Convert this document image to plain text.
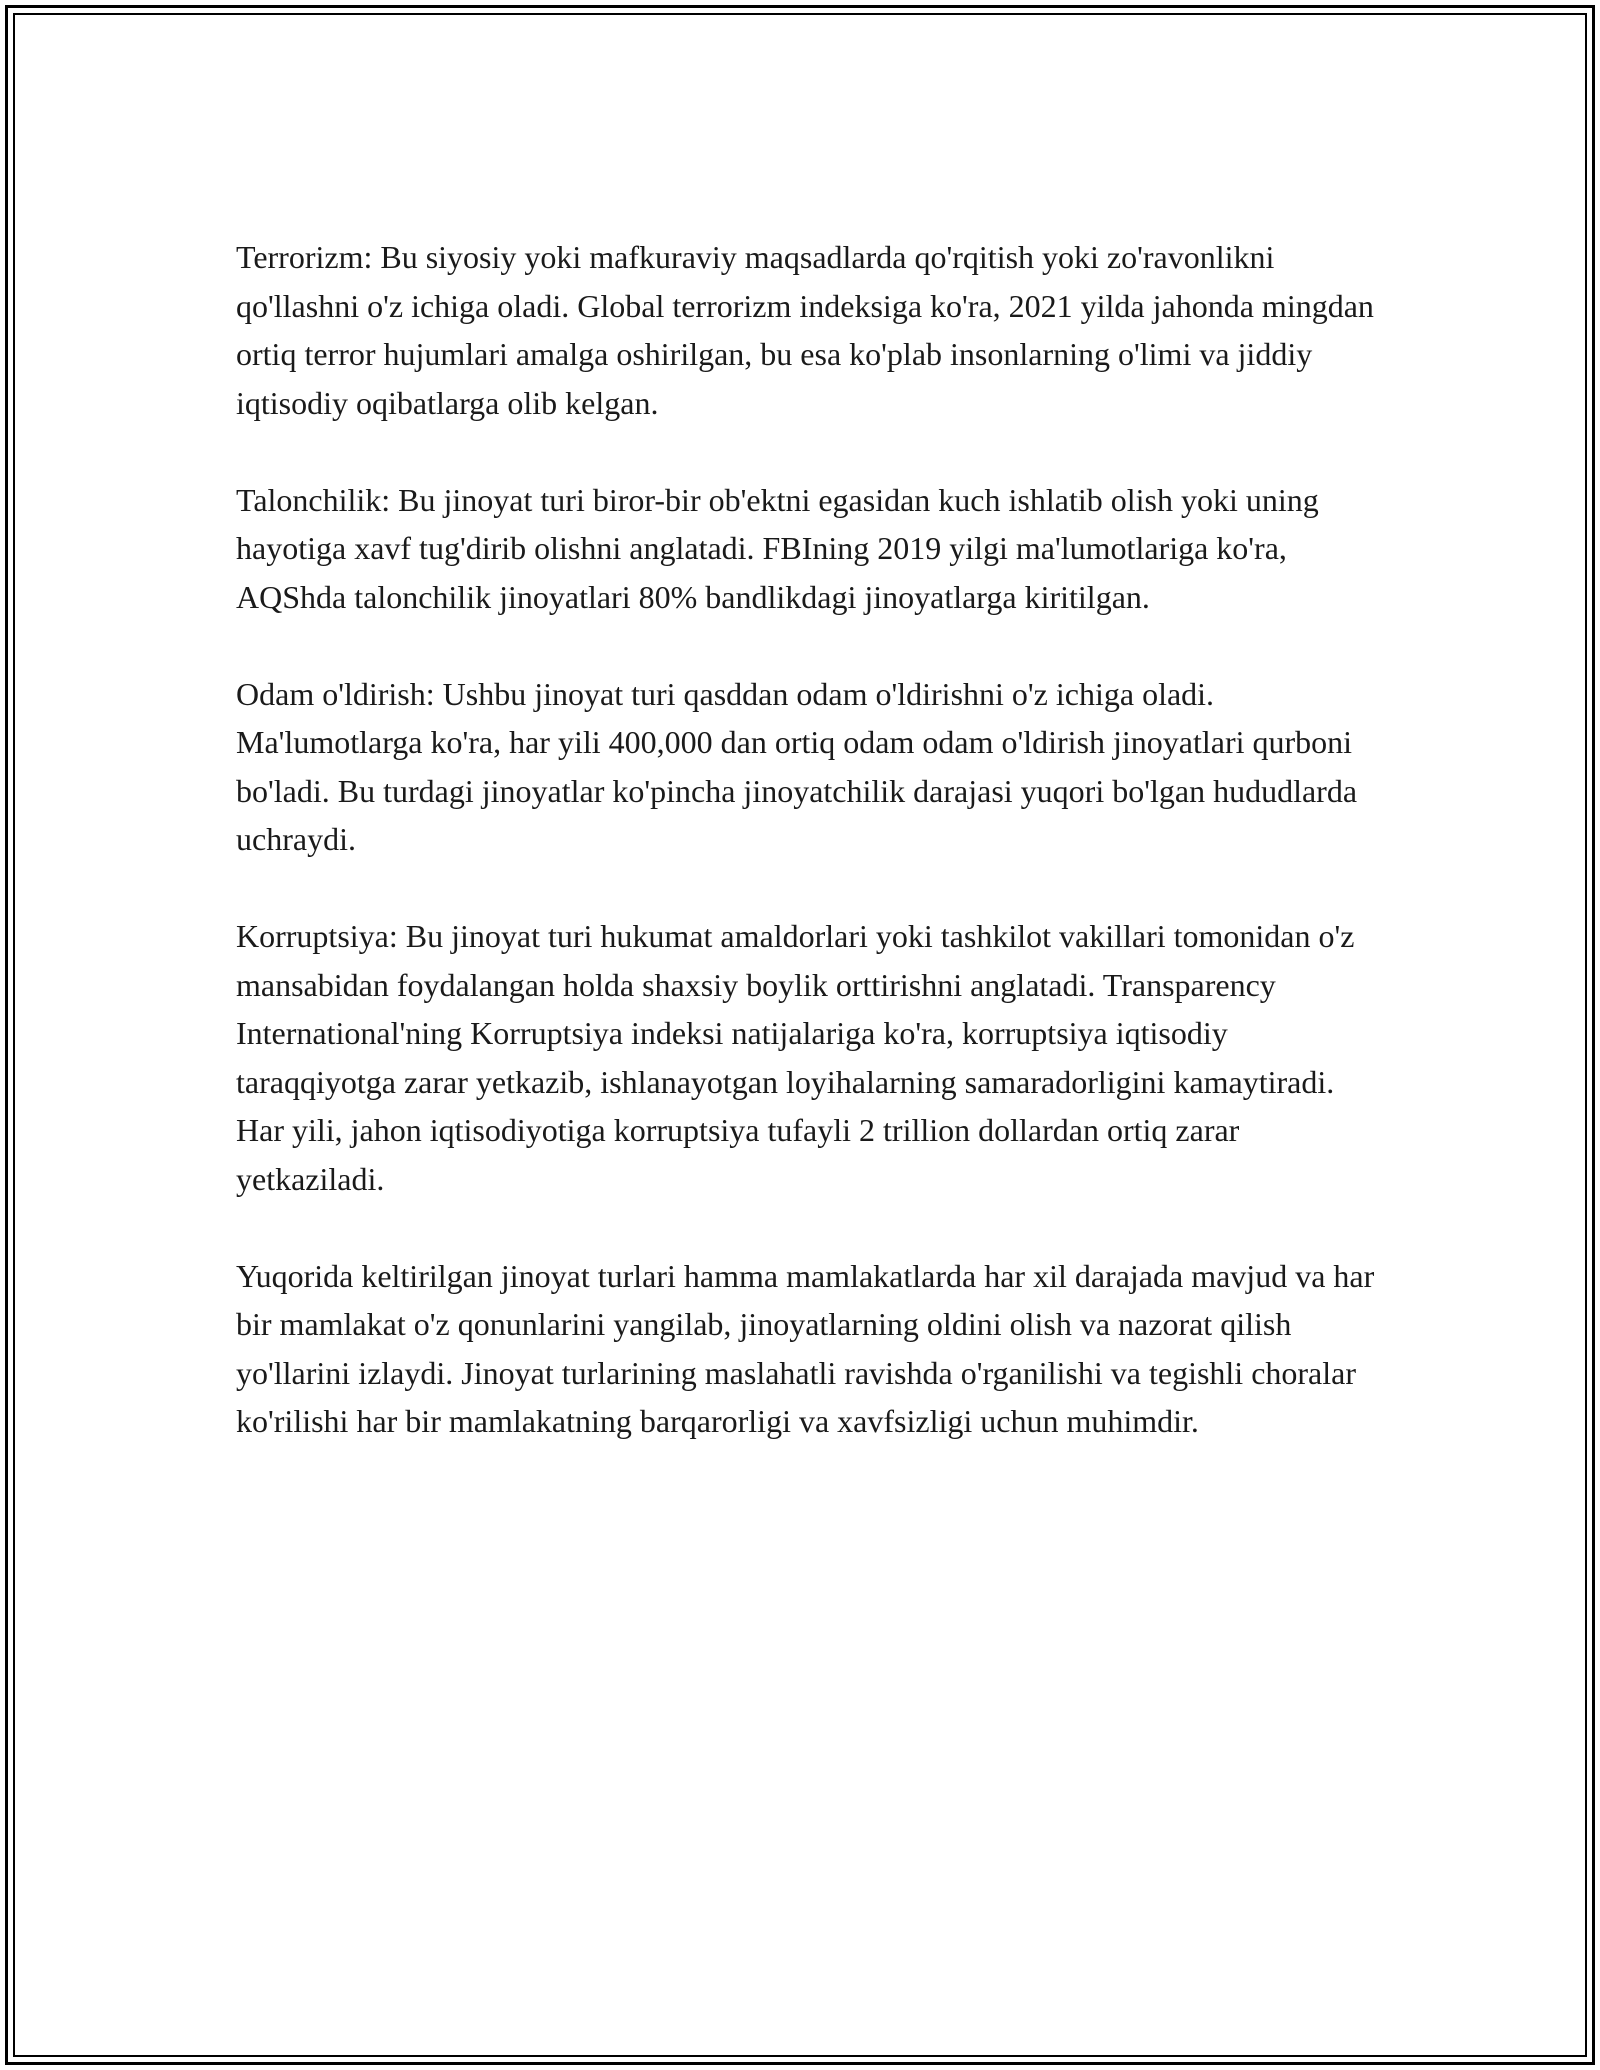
Terrorizm: Bu siyosiy yoki mafkuraviy maqsadlarda qo'rqitish yoki zo'ravonlikni qo'llashni o'z ichiga oladi. Global terrorizm indeksiga ko'ra, 2021 yilda jahonda mingdan ortiq terror hujumlari amalga oshirilgan, bu esa ko'plab insonlarning o'limi va jiddiy iqtisodiy oqibatlarga olib kelgan.

Talonchilik: Bu jinoyat turi biror-bir ob'ektni egasidan kuch ishlatib olish yoki uning hayotiga xavf tug'dirib olishni anglatadi. FBIning 2019 yilgi ma'lumotlariga ko'ra, AQShda talonchilik jinoyatlari 80% bandlikdagi jinoyatlarga kiritilgan.

Odam o'ldirish: Ushbu jinoyat turi qasddan odam o'ldirishni o'z ichiga oladi. Ma'lumotlarga ko'ra, har yili 400,000 dan ortiq odam odam o'ldirish jinoyatlari qurboni bo'ladi. Bu turdagi jinoyatlar ko'pincha jinoyatchilik darajasi yuqori bo'lgan hududlarda uchraydi.

Korruptsiya: Bu jinoyat turi hukumat amaldorlari yoki tashkilot vakillari tomonidan o'z mansabidan foydalangan holda shaxsiy boylik orttirishni anglatadi. Transparency International'ning Korruptsiya indeksi natijalariga ko'ra, korruptsiya iqtisodiy taraqqiyotga zarar yetkazib, ishlanayotgan loyihalarning samaradorligini kamaytiradi. Har yili, jahon iqtisodiyotiga korruptsiya tufayli 2 trillion dollardan ortiq zarar yetkaziladi.

Yuqorida keltirilgan jinoyat turlari hamma mamlakatlarda har xil darajada mavjud va har bir mamlakat o'z qonunlarini yangilab, jinoyatlarning oldini olish va nazorat qilish yo'llarini izlaydi. Jinoyat turlarining maslahatli ravishda o'rganilishi va tegishli choralar ko'rilishi har bir mamlakatning barqarorligi va xavfsizligi uchun muhimdir.
